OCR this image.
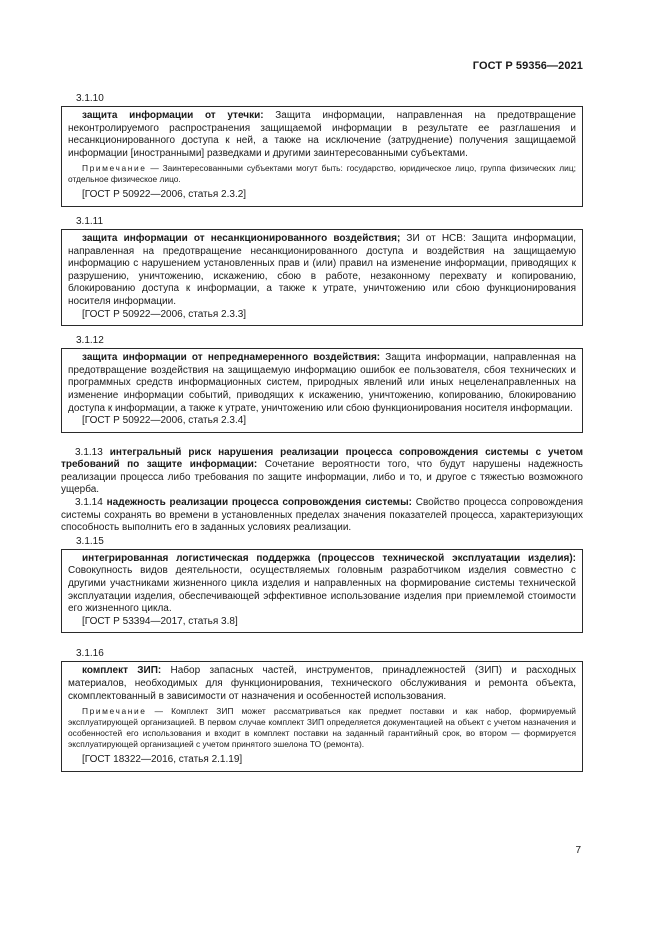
ГОСТ Р 59356—2021
3.1.10

защита информации от утечки: Защита информации, направленная на предотвращение неконтролируемого распространения защищаемой информации в результате ее разглашения и несанкционированного доступа к ней, а также на исключение (затруднение) получения защищаемой информации [иностранными] разведками и другими заинтересованными субъектами.

Примечание — Заинтересованными субъектами могут быть: государство, юридическое лицо, группа физических лиц; отдельное физическое лицо.

[ГОСТ Р 50922—2006, статья 2.3.2]

3.1.11

защита информации от несанкционированного воздействия; ЗИ от НСВ: Защита информации, направленная на предотвращение несанкционированного доступа и воздействия на защищаемую информацию с нарушением установленных прав и (или) правил на изменение информации, приводящих к разрушению, уничтожению, искажению, сбою в работе, незаконному перехвату и копированию, блокированию доступа к информации, а также к утрате, уничтожению или сбою функционирования носителя информации.

[ГОСТ Р 50922—2006, статья 2.3.3]

3.1.12

защита информации от непреднамеренного воздействия: Защита информации, направленная на предотвращение воздействия на защищаемую информацию ошибок ее пользователя, сбоя технических и программных средств информационных систем, природных явлений или иных нецеленаправленных на изменение информации событий, приводящих к искажению, уничтожению, копированию, блокированию доступа к информации, а также к утрате, уничтожению или сбою функционирования носителя информации.

[ГОСТ Р 50922—2006, статья 2.3.4]

3.1.13 интегральный риск нарушения реализации процесса сопровождения системы с учетом требований по защите информации: Сочетание вероятности того, что будут нарушены надежность реализации процесса либо требования по защите информации, либо и то, и другое с тяжестью возможного ущерба.

3.1.14 надежность реализации процесса сопровождения системы: Свойство процесса сопровождения системы сохранять во времени в установленных пределах значения показателей процесса, характеризующих способность выполнить его в заданных условиях реализации.

3.1.15

интегрированная логистическая поддержка (процессов технической эксплуатации изделия): Совокупность видов деятельности, осуществляемых головным разработчиком изделия совместно с другими участниками жизненного цикла изделия и направленных на формирование системы технической эксплуатации изделия, обеспечивающей эффективное использование изделия при приемлемой стоимости его жизненного цикла.

[ГОСТ Р 53394—2017, статья 3.8]

3.1.16

комплект ЗИП: Набор запасных частей, инструментов, принадлежностей (ЗИП) и расходных материалов, необходимых для функционирования, технического обслуживания и ремонта объекта, скомплектованный в зависимости от назначения и особенностей использования.

Примечание — Комплект ЗИП может рассматриваться как предмет поставки и как набор, формируемый эксплуатирующей организацией. В первом случае комплект ЗИП определяется документацией на объект с учетом назначения и особенностей его использования и входит в комплект поставки на заданный гарантийный срок, во втором — формируется эксплуатирующей организацией с учетом принятого эшелона ТО (ремонта).

[ГОСТ 18322—2016, статья 2.1.19]

7
